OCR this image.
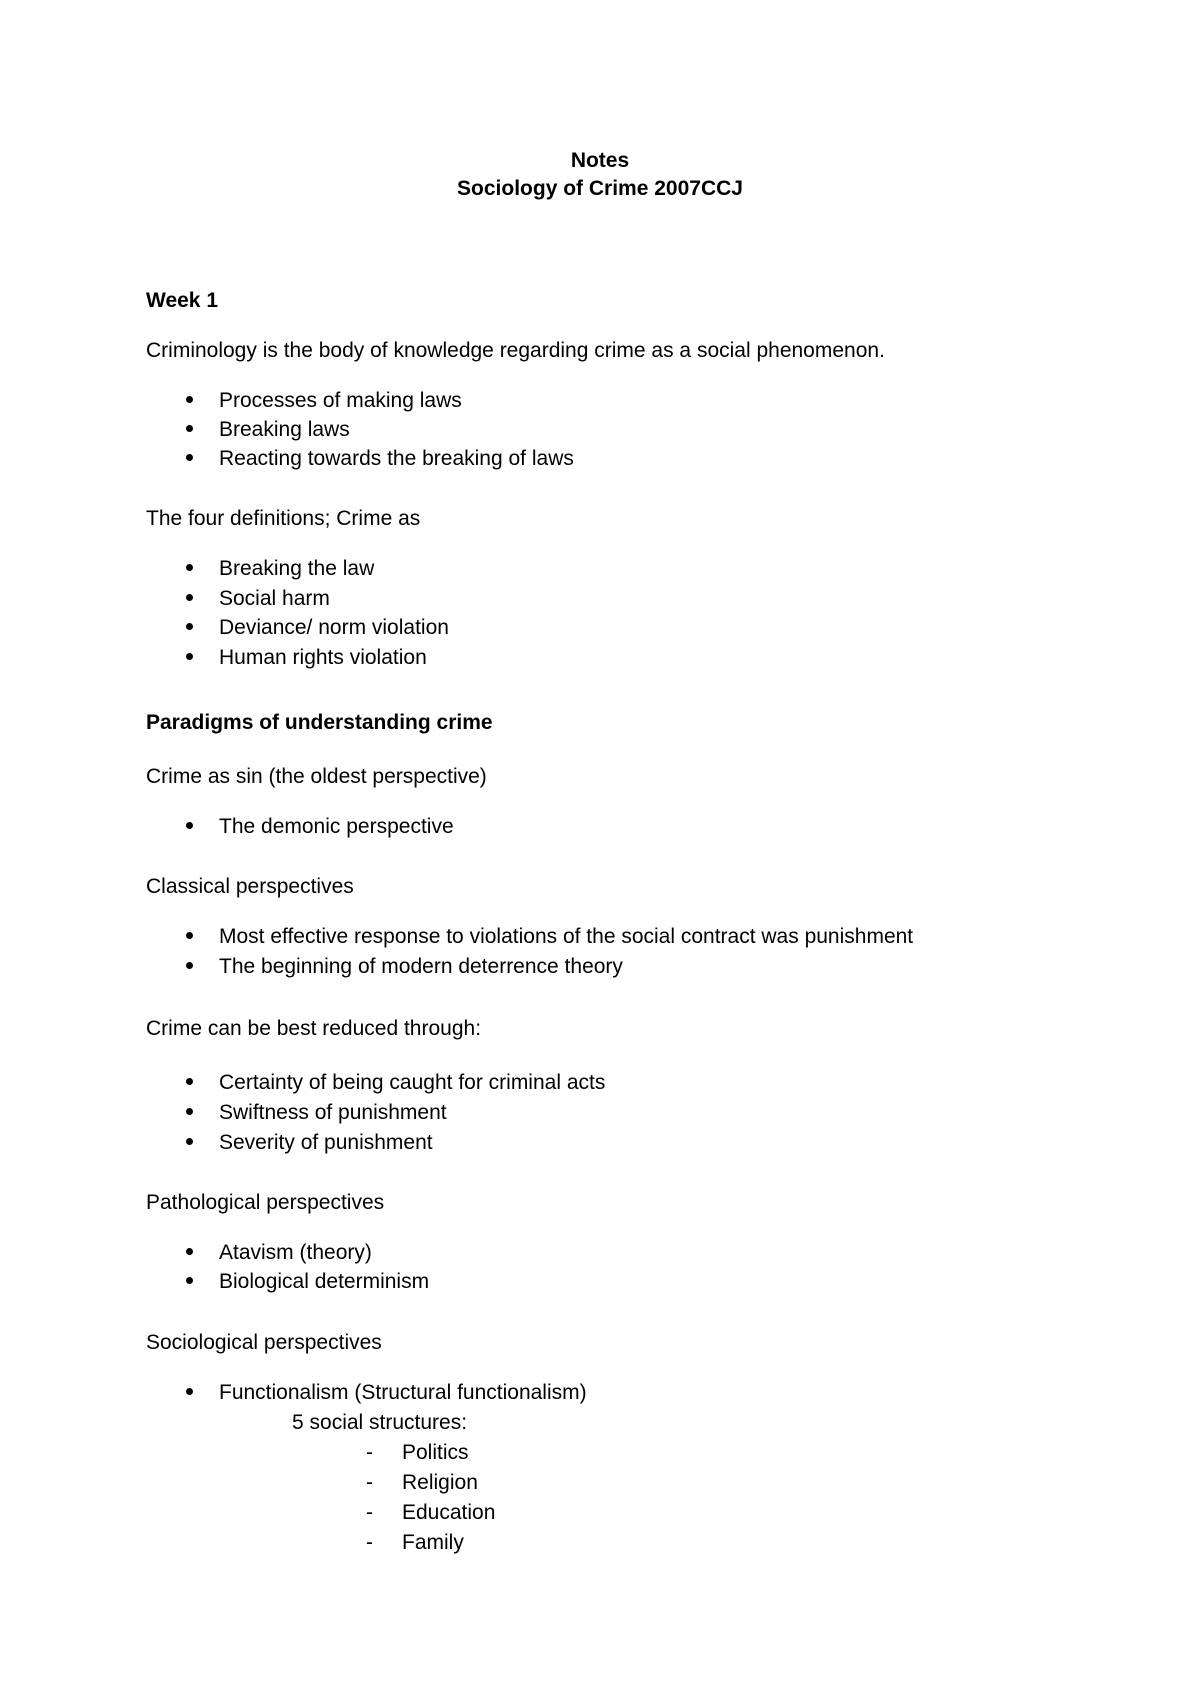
Notes
Sociology of Crime 2007CCJ
Week 1
Criminology is the body of knowledge regarding crime as a social phenomenon.
Processes of making laws
Breaking laws
Reacting towards the breaking of laws
The four definitions; Crime as
Breaking the law
Social harm
Deviance/ norm violation
Human rights violation
Paradigms of understanding crime
Crime as sin (the oldest perspective)
The demonic perspective
Classical perspectives
Most effective response to violations of the social contract was punishment
The beginning of modern deterrence theory
Crime can be best reduced through:
Certainty of being caught for criminal acts
Swiftness of punishment
Severity of punishment
Pathological perspectives
Atavism (theory)
Biological determinism
Sociological perspectives
Functionalism (Structural functionalism)
5 social structures:
- Politics
- Religion
- Education
- Family
